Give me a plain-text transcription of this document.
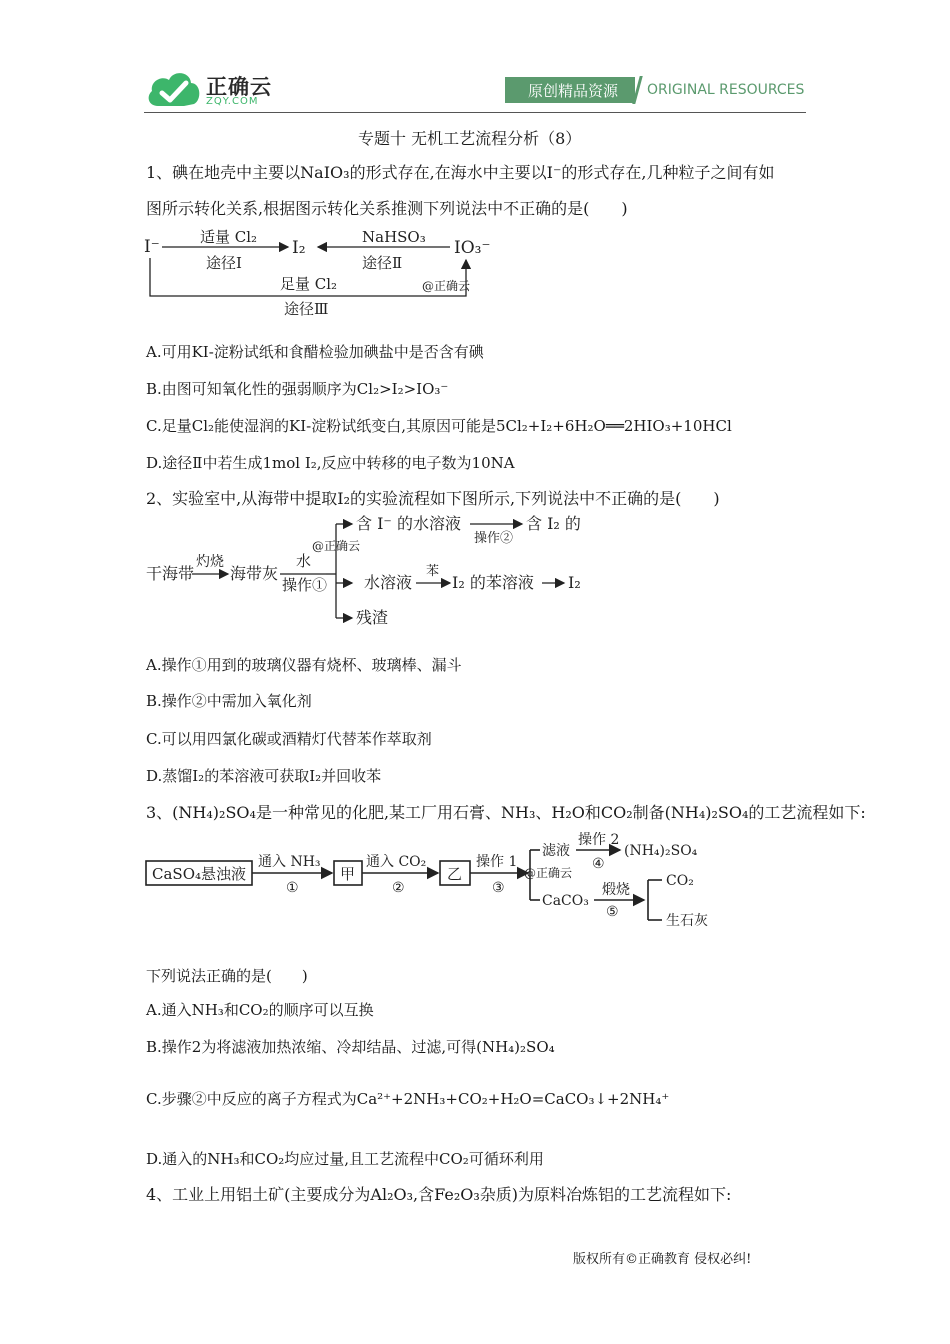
正确云
ZQY.COM
原创精品资源 ORIGINAL RESOURCES
专题十 无机工艺流程分析（8）
1、碘在地壳中主要以NaIO₃的形式存在,在海水中主要以I⁻的形式存在,几种粒子之间有如
图所示转化关系,根据图示转化关系推测下列说法中不正确的是(　　)
I⁻	适量 Cl₂
途径Ⅰ
I₂
NaHSO₃
途径Ⅱ
IO₃⁻
足量 Cl₂
途径Ⅲ
@正确云
A.可用KI-淀粉试纸和食醋检验加碘盐中是否含有碘
B.由图可知氧化性的强弱顺序为Cl₂>I₂>IO₃⁻
C.足量Cl₂能使湿润的KI-淀粉试纸变白,其原因可能是5Cl₂+I₂+6H₂O══2HIO₃+10HCl
D.途径Ⅱ中若生成1mol I₂,反应中转移的电子数为10NA
2、实验室中,从海带中提取I₂的实验流程如下图所示,下列说法中不正确的是(　　)
干海带
灼烧
海带灰
水
操作①
@正确云
含 I⁻ 的水溶液
操作②
含 I₂ 的
水溶液
苯
I₂ 的苯溶液 I₂
残渣
A.操作①用到的玻璃仪器有烧杯、玻璃棒、漏斗
B.操作②中需加入氧化剂
C.可以用四氯化碳或酒精灯代替苯作萃取剂
D.蒸馏I₂的苯溶液可获取I₂并回收苯
3、(NH₄)₂SO₄是一种常见的化肥,某工厂用石膏、NH₃、H₂O和CO₂制备(NH₄)₂SO₄的工艺流程如下:
CaSO₄悬浊液
通入 NH₃
①
甲
通入 CO₂
②
乙
操作 1
③
滤液
操作 2
④
(NH₄)₂SO₄
@正确云
CaCO₃
煅烧
⑤
CO₂
生石灰
下列说法正确的是(　　)
A.通入NH₃和CO₂的顺序可以互换
B.操作2为将滤液加热浓缩、冷却结晶、过滤,可得(NH₄)₂SO₄
C.步骤②中反应的离子方程式为Ca²⁺+2NH₃+CO₂+H₂O=CaCO₃↓+2NH₄⁺
D.通入的NH₃和CO₂均应过量,且工艺流程中CO₂可循环利用
4、工业上用铝土矿(主要成分为Al₂O₃,含Fe₂O₃杂质)为原料冶炼铝的工艺流程如下:
版权所有©正确教育 侵权必纠!
